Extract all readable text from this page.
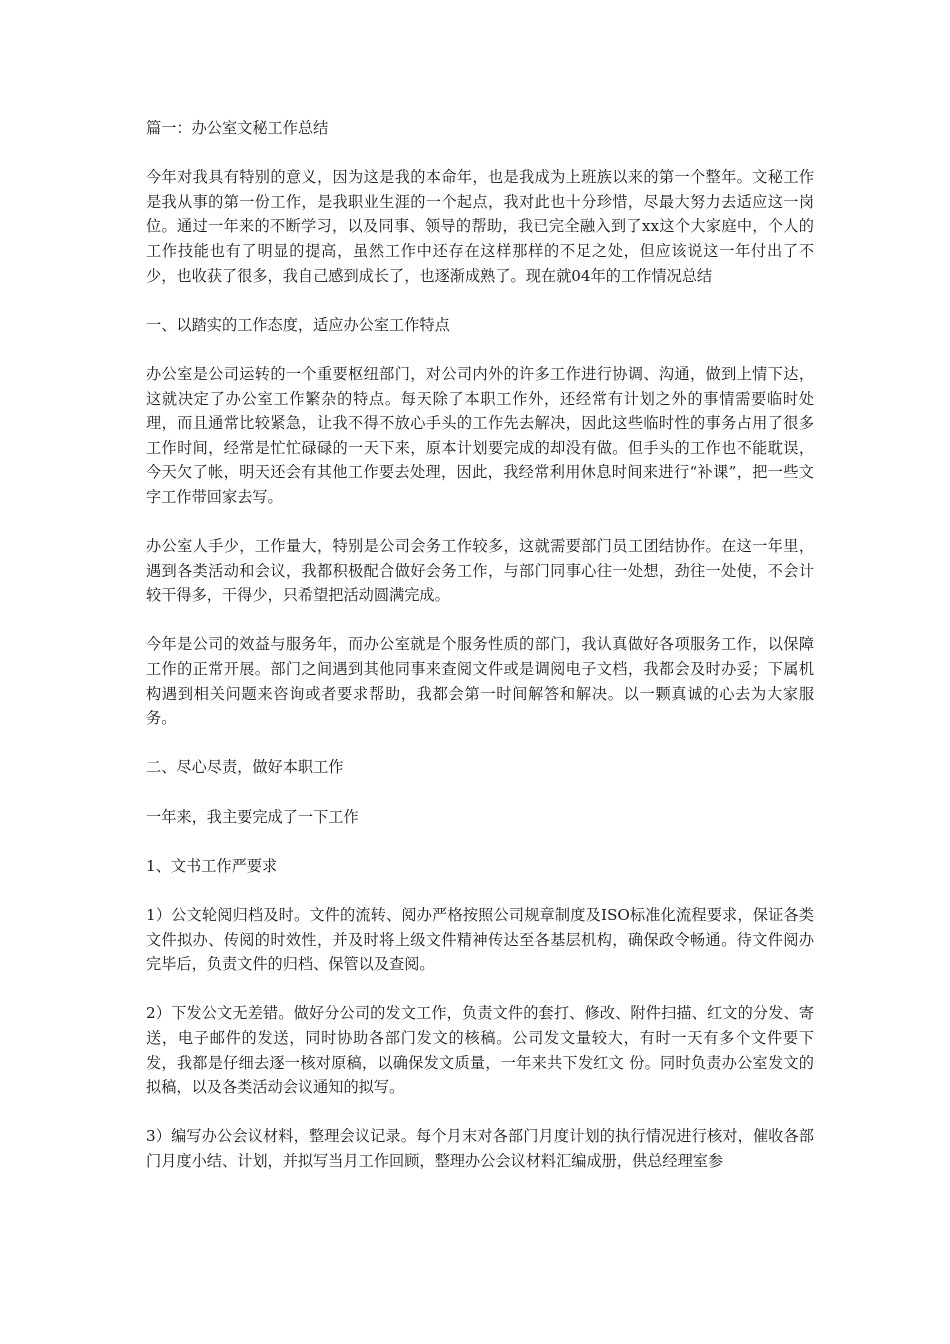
篇一：办公室文秘工作总结

今年对我具有特别的意义，因为这是我的本命年，也是我成为上班族以来的第一个整年。文秘工作是我从事的第一份工作，是我职业生涯的一个起点，我对此也十分珍惜，尽最大努力去适应这一岗位。通过一年来的不断学习，以及同事、领导的帮助，我已完全融入到了xx这个大家庭中，个人的工作技能也有了明显的提高，虽然工作中还存在这样那样的不足之处，但应该说这一年付出了不少，也收获了很多，我自己感到成长了，也逐渐成熟了。现在就04年的工作情况总结

一、以踏实的工作态度，适应办公室工作特点

办公室是公司运转的一个重要枢纽部门，对公司内外的许多工作进行协调、沟通，做到上情下达，这就决定了办公室工作繁杂的特点。每天除了本职工作外，还经常有计划之外的事情需要临时处理，而且通常比较紧急，让我不得不放心手头的工作先去解决，因此这些临时性的事务占用了很多工作时间，经常是忙忙碌碌的一天下来，原本计划要完成的却没有做。但手头的工作也不能耽误，今天欠了帐，明天还会有其他工作要去处理，因此，我经常利用休息时间来进行“补课”，把一些文字工作带回家去写。

办公室人手少，工作量大，特别是公司会务工作较多，这就需要部门员工团结协作。在这一年里，遇到各类活动和会议，我都积极配合做好会务工作，与部门同事心往一处想，劲往一处使，不会计较干得多，干得少，只希望把活动圆满完成。

今年是公司的效益与服务年，而办公室就是个服务性质的部门，我认真做好各项服务工作，以保障工作的正常开展。部门之间遇到其他同事来查阅文件或是调阅电子文档，我都会及时办妥；下属机构遇到相关问题来咨询或者要求帮助，我都会第一时间解答和解决。以一颗真诚的心去为大家服务。

二、尽心尽责，做好本职工作

一年来，我主要完成了一下工作

1、文书工作严要求

1）公文轮阅归档及时。文件的流转、阅办严格按照公司规章制度及ISO标准化流程要求，保证各类文件拟办、传阅的时效性，并及时将上级文件精神传达至各基层机构，确保政令畅通。待文件阅办完毕后，负责文件的归档、保管以及查阅。

2）下发公文无差错。做好分公司的发文工作，负责文件的套打、修改、附件扫描、红文的分发、寄送，电子邮件的发送，同时协助各部门发文的核稿。公司发文量较大，有时一天有多个文件要下发，我都是仔细去逐一核对原稿，以确保发文质量，一年来共下发红文 份。同时负责办公室发文的拟稿，以及各类活动会议通知的拟写。

3）编写办公会议材料，整理会议记录。每个月末对各部门月度计划的执行情况进行核对，催收各部门月度小结、计划，并拟写当月工作回顾，整理办公会议材料汇编成册，供总经理室参
